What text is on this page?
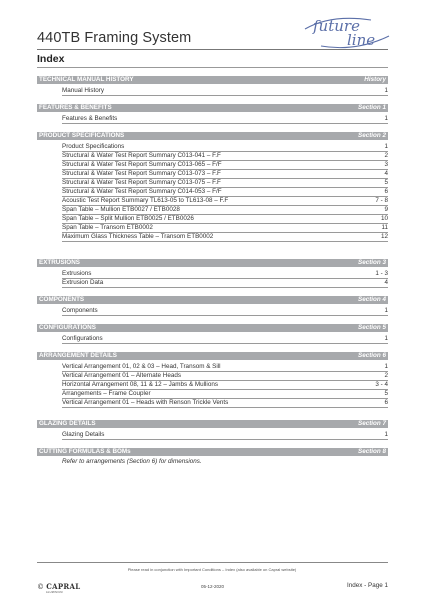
440TB Framing System
future
line
Index
TECHNICAL MANUAL HISTORY	History
Manual History	1
FEATURES & BENEFITS	Section 1
Features & Benefits	1
PRODUCT SPECIFICATIONS	Section 2
Product Specifications	1
Structural & Water Test Report Summary C013-041 – F.F	2
Structural & Water Test Report Summary C013-065 – F/F	3
Structural & Water Test Report Summary C013-073 – F.F	4
Structural & Water Test Report Summary C013-075 – F.F	5
Structural & Water Test Report Summary C014-053 – F/F	6
Acoustic Test Report Summary TL613-05 to TL613-08 – F.F	7 - 8
Span Table – Mullion ETB0027 / ETB0028	9
Span Table – Split Mullion ETB0025 / ETB0026	10
Span Table – Transom ETB0002	11
Maximum Glass Thickness Table – Transom ETB0002	12
EXTRUSIONS	Section 3
Extrusions	1 - 3
Extrusion Data	4
COMPONENTS	Section 4
Components	1
CONFIGURATIONS	Section 5
Configurations	1
ARRANGEMENT DETAILS	Section 6
Vertical Arrangement 01, 02 & 03 – Head, Transom & Sill	1
Vertical Arrangement 01 – Alternate Heads	2
Horizontal Arrangement 08, 11 & 12 – Jambs & Mullions	3 - 4
Arrangements – Frame Coupler	5
Vertical Arrangement 01 – Heads with Renson Trickle Vents	6
GLAZING DETAILS	Section 7
Glazing Details	1
CUTTING FORMULAS & BOMs	Section 8
Refer to arrangements (Section 6) for dimensions.
Please read in conjunction with Important Conditions – Index (also available on Capral website)
© CAPRAL
ALUMINIUM
05-12-2020	Index - Page 1
